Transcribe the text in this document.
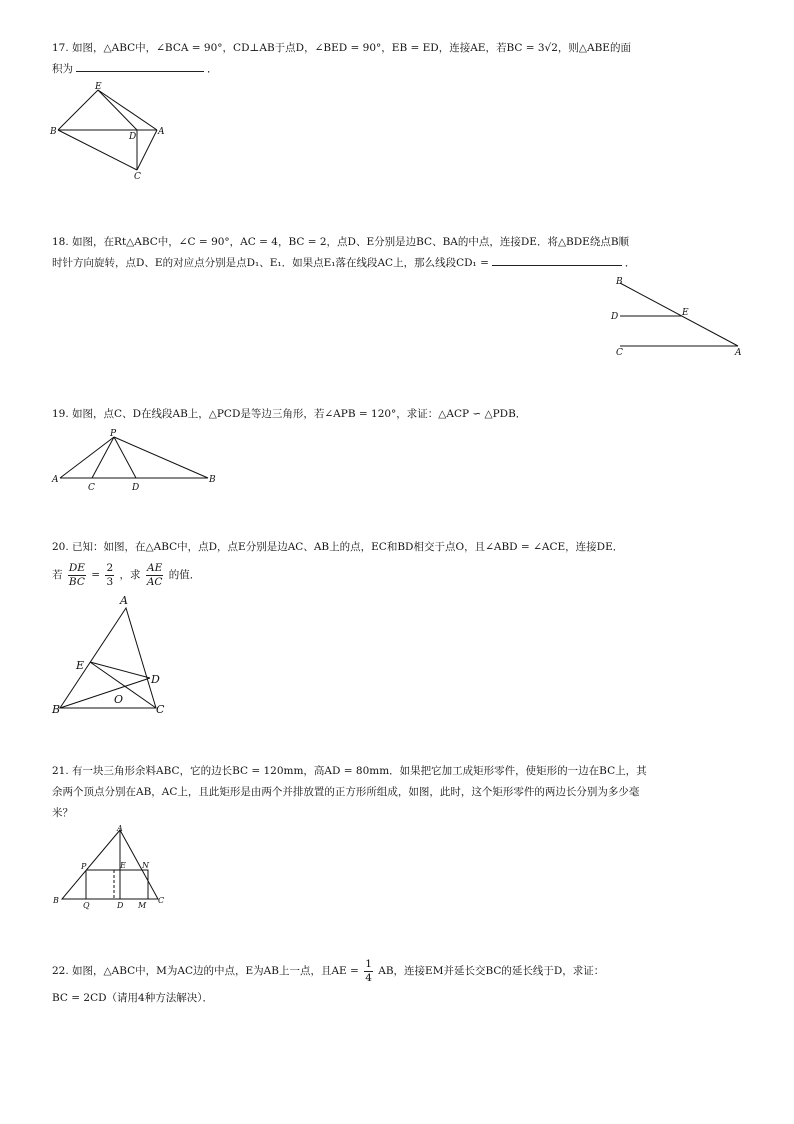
17. 如图，△ABC中，∠BCA = 90°，CD⊥AB于点D，∠BED = 90°，EB = ED，连接AE，若BC = 3√2，则△ABE的面
积为	．
E
B	D A
C
18. 如图，在Rt△ABC中，∠C = 90°，AC = 4，BC = 2，点D、E分别是边BC、BA的中点，连接DE．将△BDE绕点B顺
时针方向旋转，点D、E的对应点分别是点D₁、E₁．如果点E₁落在线段AC上，那么线段CD₁ =	．
B
D	E
C	A
19. 如图，点C、D在线段AB上，△PCD是等边三角形，若∠APB = 120°，求证：△ACP ∽ △PDB．
P
A
C	D
B
20. 已知：如图，在△ABC中，点D，点E分别是边AC、AB上的点，EC和BD相交于点O，且∠ABD = ∠ACE，连接DE．
若 $\frac{DE}{BC} = \frac{2}{3}$ ，求 $\frac{AE}{AC}$ 的值．
A
E
D
O
B	C
21. 有一块三角形余料ABC，它的边长BC = 120mm，高AD = 80mm．如果把它加工成矩形零件，使矩形的一边在BC上，其
余两个顶点分别在AB，AC上，且此矩形是由两个并排放置的正方形所组成，如图，此时，这个矩形零件的两边长分别为多少毫
米？
A
P	E N
B
Q	D M
C
22. 如图，△ABC中，M为AC边的中点，E为AB上一点，且AE = $\frac{1}{4}$ AB，连接EM并延长交BC的延长线于D，求证：
BC = 2CD（请用4种方法解决）．
